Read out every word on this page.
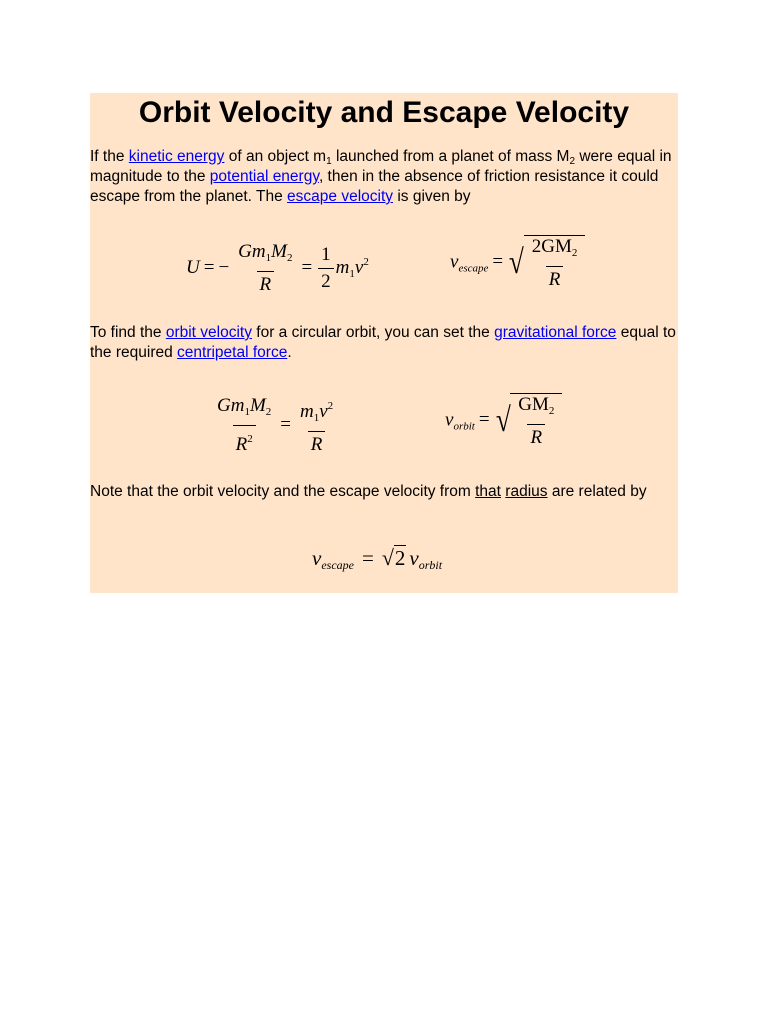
Orbit Velocity and Escape Velocity
If the kinetic energy of an object $m_1$ launched from a planet of mass $M_2$ were equal in magnitude to the potential energy, then in the absence of friction resistance it could escape from the planet. The escape velocity is given by
U = − $\frac{Gm_1M_2}{R} = \frac{1}{2} m_1v^2$	$v_{escape}$ = √ $\frac{2GM_2}{R}$
To find the orbit velocity for a circular orbit, you can set the gravitational force equal to the required centripetal force.
$\frac{Gm_1M_2}{R^2} = \frac{m_1v^2}{R}$	$v_{orbit}$ = √ $\frac{GM_2}{R}$
Note that the orbit velocity and the escape velocity from that radius are related by
vescape = √2 vorbit
